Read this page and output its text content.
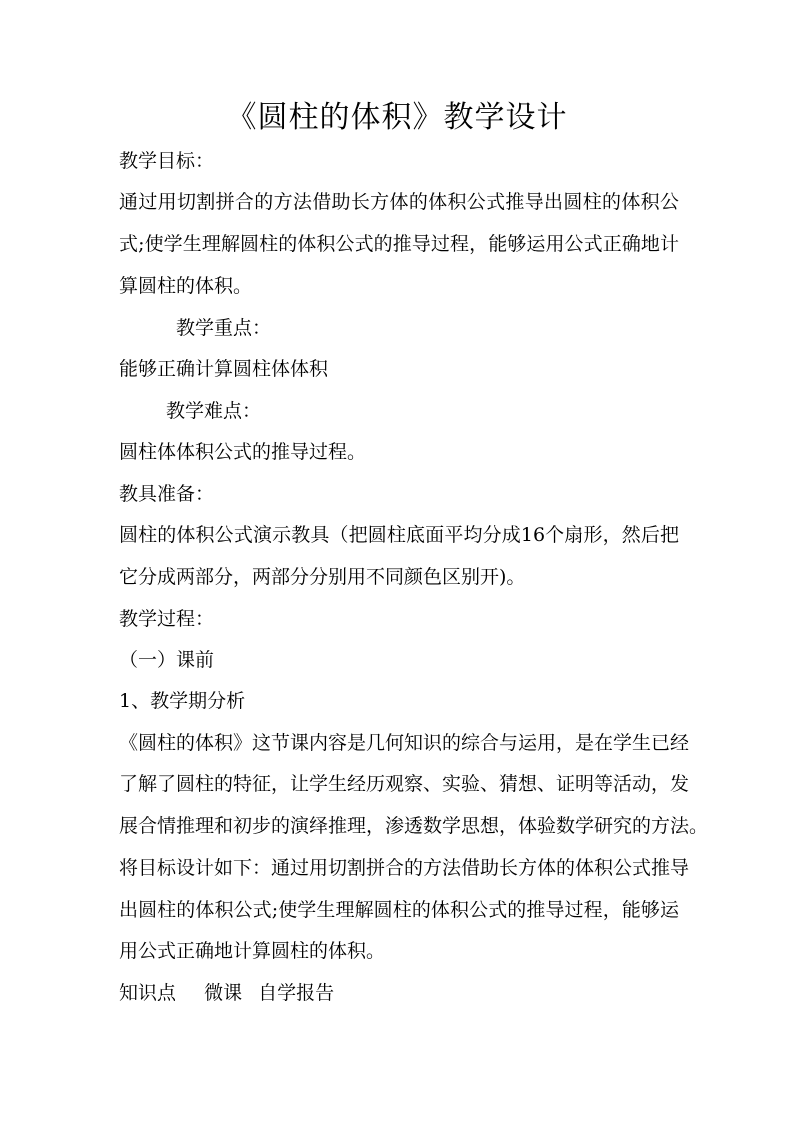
《圆柱的体积》教学设计
教学目标：
通过用切割拼合的方法借助长方体的体积公式推导出圆柱的体积公
式;使学生理解圆柱的体积公式的推导过程，能够运用公式正确地计
算圆柱的体积。
教学重点：
能够正确计算圆柱体体积
教学难点：
圆柱体体积公式的推导过程。
教具准备：
圆柱的体积公式演示教具（把圆柱底面平均分成16个扇形，然后把
它分成两部分，两部分分别用不同颜色区别开)。
教学过程：
（一）课前
1、教学期分析
《圆柱的体积》这节课内容是几何知识的综合与运用，是在学生已经
了解了圆柱的特征，让学生经历观察、实验、猜想、证明等活动，发
展合情推理和初步的演绎推理，渗透数学思想，体验数学研究的方法。
将目标设计如下：通过用切割拼合的方法借助长方体的体积公式推导
出圆柱的体积公式;使学生理解圆柱的体积公式的推导过程，能够运
用公式正确地计算圆柱的体积。
知识点 微课 自学报告
